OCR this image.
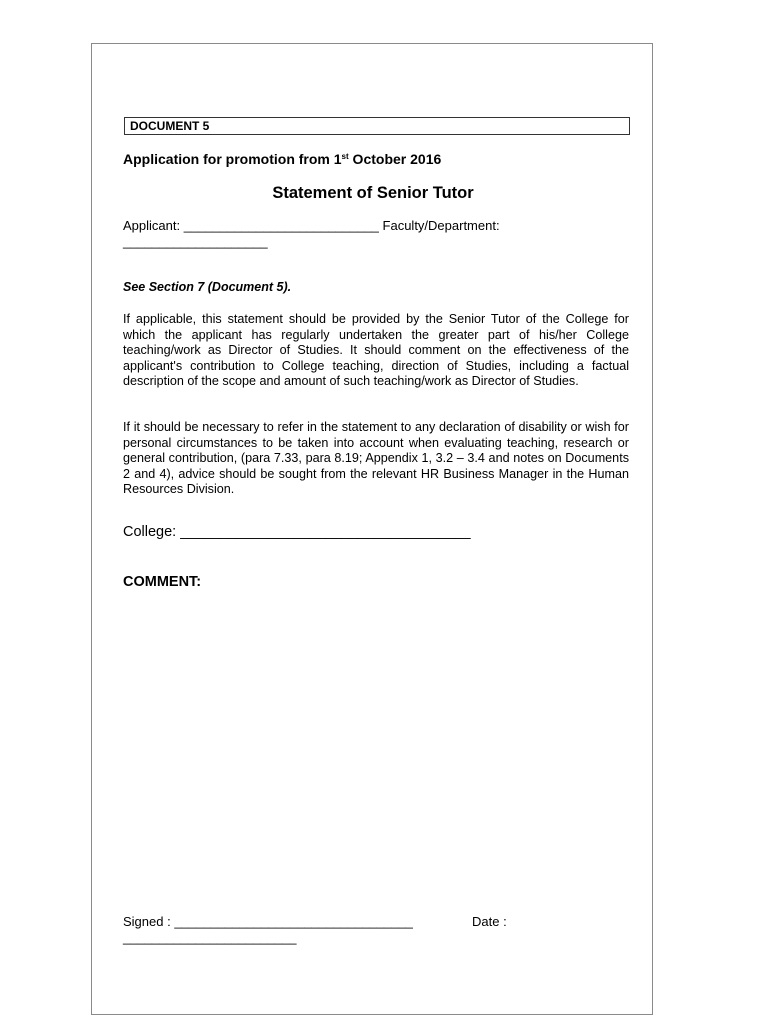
DOCUMENT 5
Application for promotion from 1st October 2016
Statement of Senior Tutor
Applicant: ___________________________ Faculty/Department:
____________________
See Section 7 (Document 5).
If applicable, this statement should be provided by the Senior Tutor of the College for which the applicant has regularly undertaken the greater part of his/her College teaching/work as Director of Studies. It should comment on the effectiveness of the applicant's contribution to College teaching, direction of Studies, including a factual description of the scope and amount of such teaching/work as Director of Studies.
If it should be necessary to refer in the statement to any declaration of disability or wish for personal circumstances to be taken into account when evaluating teaching, research or general contribution, (para 7.33, para 8.19; Appendix 1, 3.2 – 3.4 and notes on Documents 2 and 4), advice should be sought from the relevant HR Business Manager in the Human Resources Division.
College: ____________________________________
COMMENT:
Signed : _________________________________	Date :
________________________
